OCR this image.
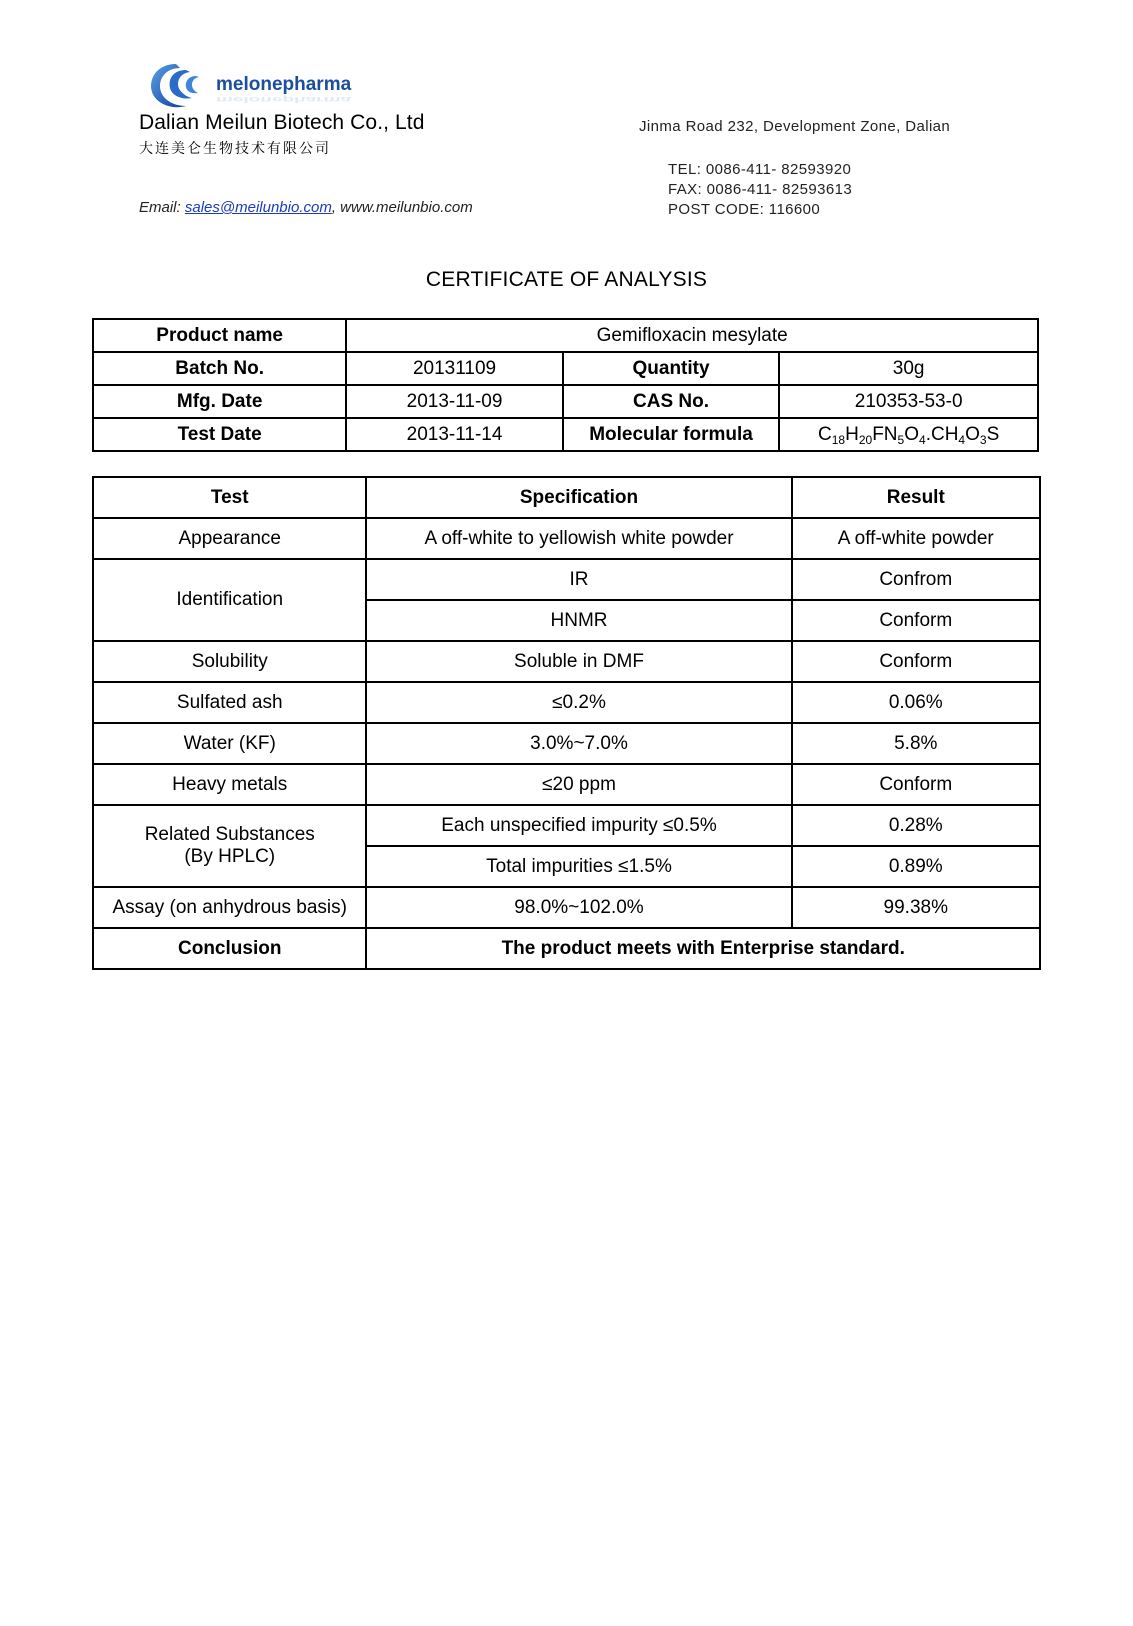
melonepharma
melonepharma
Dalian Meilun Biotech Co., Ltd
大连美仑生物技术有限公司
Email: sales@meilunbio.com, www.meilunbio.com
Jinma Road 232, Development Zone, Dalian
TEL: 0086-411- 82593920
FAX: 0086-411- 82593613
POST CODE: 116600
CERTIFICATE OF ANALYSIS
Product name	Gemifloxacin mesylate		
Batch No.	20131109	Quantity	30g
Mfg. Date	2013-11-09	CAS No.	210353-53-0
Test Date	2013-11-14	Molecular formula	$C_{18}H_{20}FN_5O_4.CH_4O_3S$
Test	Specification	Result
Appearance	A off-white to yellowish white powder	A off-white powder
Identification	IR	Confrom
	HNMR	Conform
Solubility	Soluble in DMF	Conform
Sulfated ash	≤0.2%	0.06%
Water (KF)	3.0%~7.0%	5.8%
Heavy metals	≤20 ppm	Conform

Related Substances
(By HPLC)	Each unspecified impurity ≤0.5%	0.28%
	Total impurities ≤1.5%	0.89%
Assay (on anhydrous basis)	98.0%~102.0%	99.38%
Conclusion	The product meets with Enterprise standard.	
